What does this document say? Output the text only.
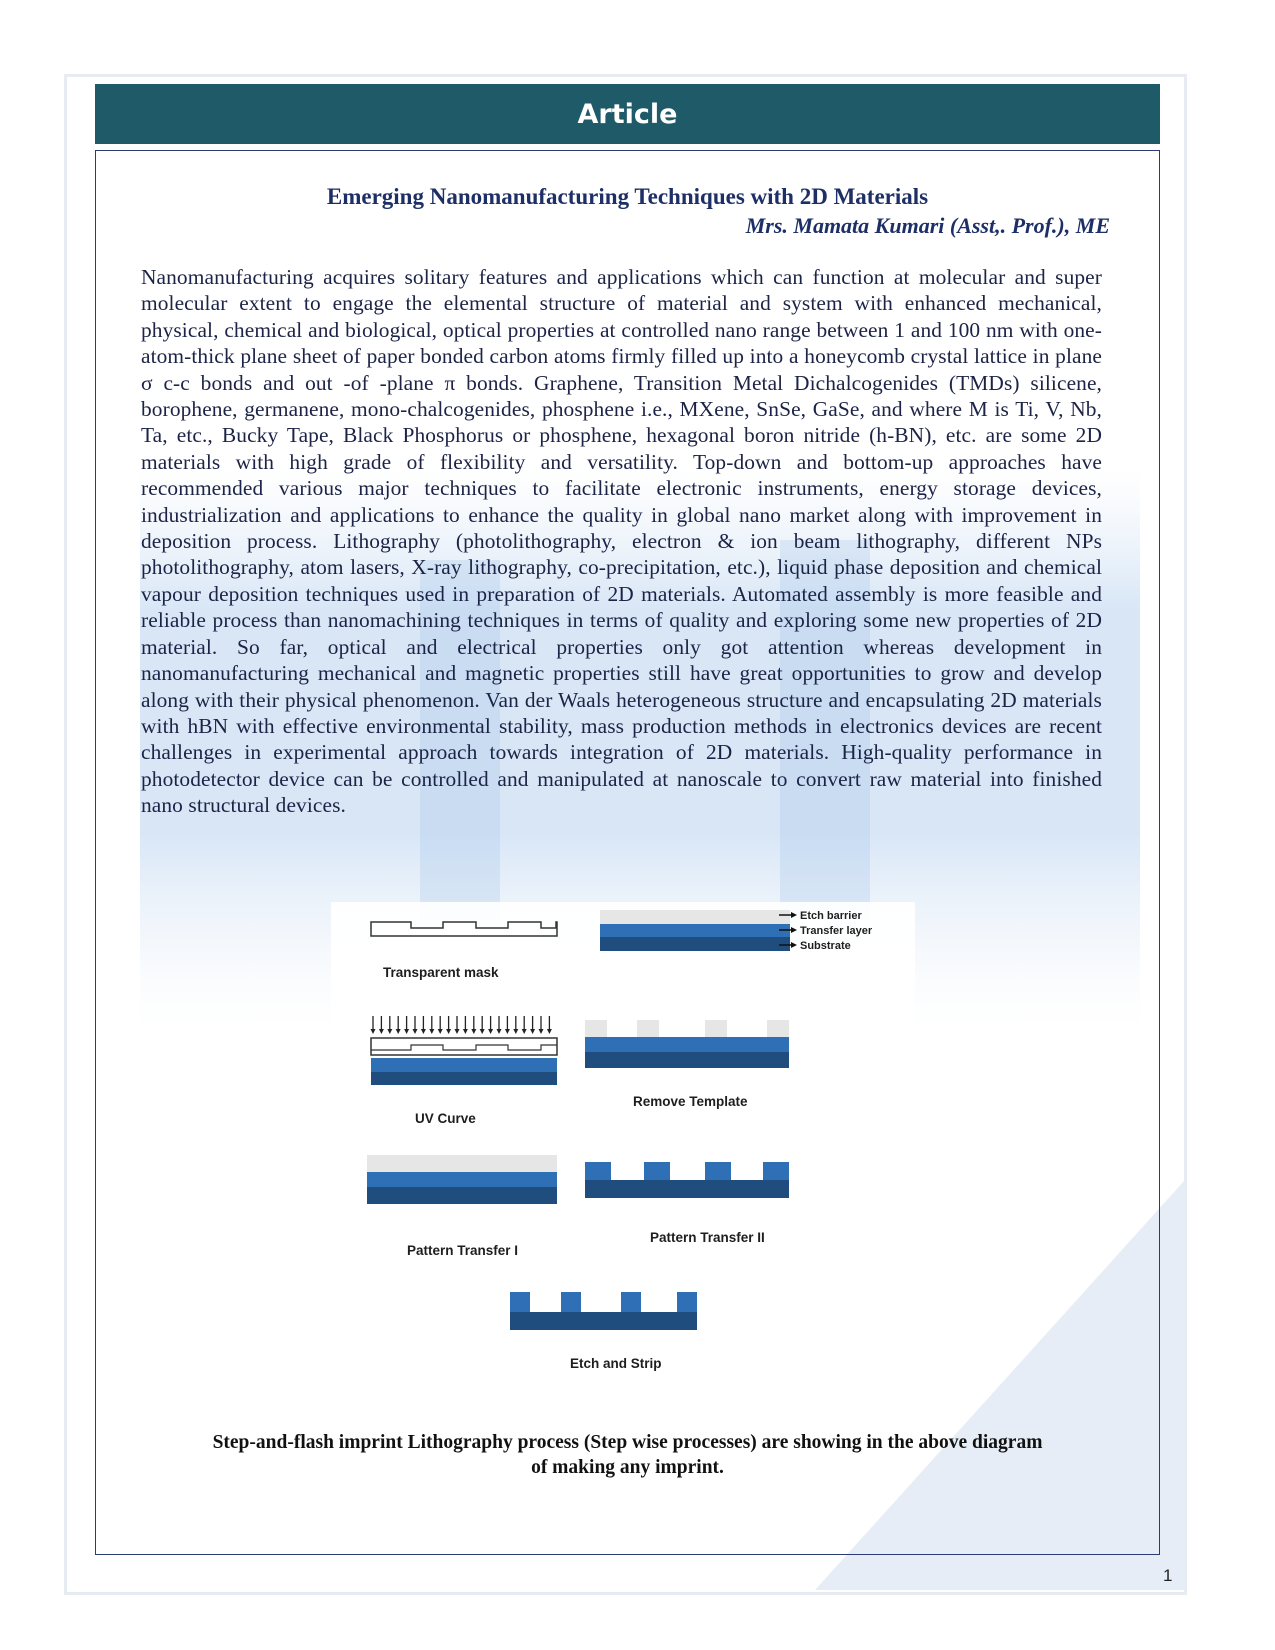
Article
Emerging Nanomanufacturing Techniques with 2D Materials
Mrs. Mamata Kumari (Asst,. Prof.), ME

Nanomanufacturing acquires solitary features and applications which can function at molecular and super molecular extent to engage the elemental structure of material and system with enhanced mechanical, physical, chemical and biological, optical properties at controlled nano range between 1 and 100 nm with one-atom-thick plane sheet of paper bonded carbon atoms firmly filled up into a honeycomb crystal lattice in plane σ c-c bonds and out -of -plane π bonds. Graphene, Transition Metal Dichalcogenides (TMDs) silicene, borophene, germanene, mono-chalcogenides, phosphene i.e., MXene, SnSe, GaSe, and where M is Ti, V, Nb, Ta, etc., Bucky Tape, Black Phosphorus or phosphene, hexagonal boron nitride (h-BN), etc. are some 2D materials with high grade of flexibility and versatility. Top-down and bottom-up approaches have recommended various major techniques to facilitate electronic instruments, energy storage devices, industrialization and applications to enhance the quality in global nano market along with improvement in deposition process. Lithography (photolithography, electron & ion beam lithography, different NPs photolithography, atom lasers, X-ray lithography, co-precipitation, etc.), liquid phase deposition and chemical vapour deposition techniques used in preparation of 2D materials. Automated assembly is more feasible and reliable process than nanomachining techniques in terms of quality and exploring some new properties of 2D material. So far, optical and electrical properties only got attention whereas development in nanomanufacturing mechanical and magnetic properties still have great opportunities to grow and develop along with their physical phenomenon. Van der Waals heterogeneous structure and encapsulating 2D materials with hBN with effective environmental stability, mass production methods in electronics devices are recent challenges in experimental approach towards integration of 2D materials. High-quality performance in photodetector device can be controlled and manipulated at nanoscale to convert raw material into finished nano structural devices.

Transparent mask
Etch barrier
Transfer layer
Substrate
UV Curve
Remove Template
Pattern Transfer I
Pattern Transfer II
Etch and Strip
Step-and-flash imprint Lithography process (Step wise processes) are showing in the above diagram
of making any imprint.
1
